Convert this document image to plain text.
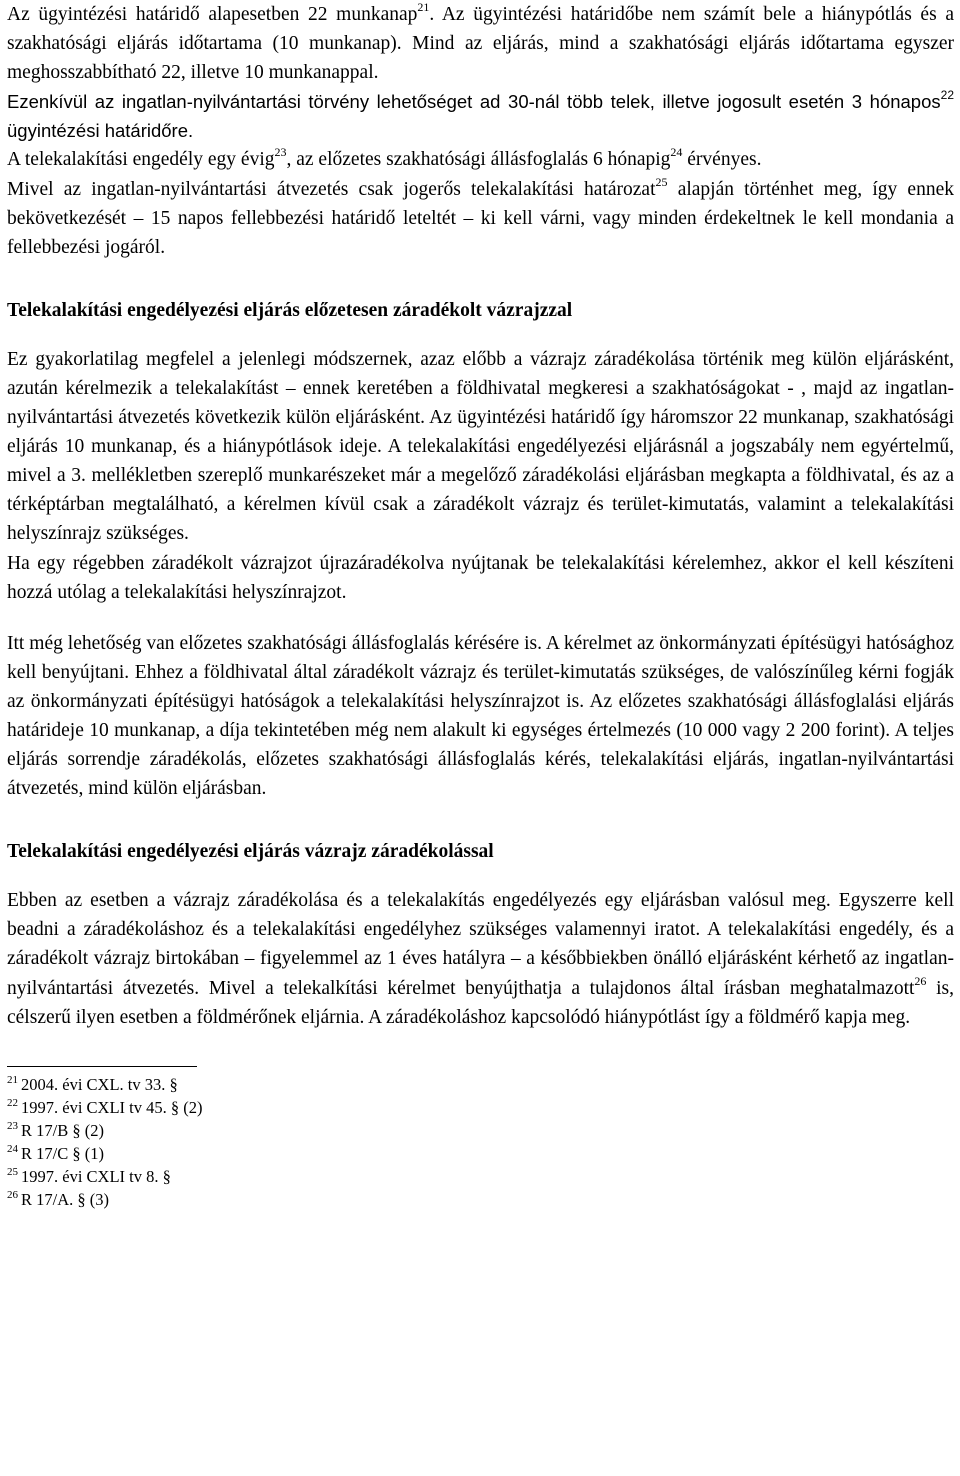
Az ügyintézési határidő alapesetben 22 munkanap$^{21}$. Az ügyintézési határidőbe nem számít bele a hiánypótlás és a szakhatósági eljárás időtartama (10 munkanap). Mind az eljárás, mind a szakhatósági eljárás időtartama egyszer meghosszabbítható 22, illetve 10 munkanappal.

Ezenkívül az ingatlan-nyilvántartási törvény lehetőséget ad 30-nál több telek, illetve jogosult esetén 3 hónapos$^{22}$ ügyintézési határidőre.

A telekalakítási engedély egy évig$^{23}$, az előzetes szakhatósági állásfoglalás 6 hónapig$^{24}$ érvényes.

Mivel az ingatlan-nyilvántartási átvezetés csak jogerős telekalakítási határozat$^{25}$ alapján történhet meg, így ennek bekövetkezését – 15 napos fellebbezési határidő leteltét – ki kell várni, vagy minden érdekeltnek le kell mondania a fellebbezési jogáról.

Telekalakítási engedélyezési eljárás előzetesen záradékolt vázrajzzal

Ez gyakorlatilag megfelel a jelenlegi módszernek, azaz előbb a vázrajz záradékolása történik meg külön eljárásként, azután kérelmezik a telekalakítást – ennek keretében a földhivatal megkeresi a szakhatóságokat - , majd az ingatlan-nyilvántartási átvezetés következik külön eljárásként. Az ügyintézési határidő így háromszor 22 munkanap, szakhatósági eljárás 10 munkanap, és a hiánypótlások ideje. A telekalakítási engedélyezési eljárásnál a jogszabály nem egyértelmű, mivel a 3. mellékletben szereplő munkarészeket már a megelőző záradékolási eljárásban megkapta a földhivatal, és az a térképtárban megtalálható, a kérelmen kívül csak a záradékolt vázrajz és terület-kimutatás, valamint a telekalakítási helyszínrajz szükséges.

Ha egy régebben záradékolt vázrajzot újrazáradékolva nyújtanak be telekalakítási kérelemhez, akkor el kell készíteni hozzá utólag a telekalakítási helyszínrajzot.

Itt még lehetőség van előzetes szakhatósági állásfoglalás kérésére is. A kérelmet az önkormányzati építésügyi hatósághoz kell benyújtani. Ehhez a földhivatal által záradékolt vázrajz és terület-kimutatás szükséges, de valószínűleg kérni fogják az önkormányzati építésügyi hatóságok a telekalakítási helyszínrajzot is. Az előzetes szakhatósági állásfoglalási eljárás határideje 10 munkanap, a díja tekintetében még nem alakult ki egységes értelmezés (10 000 vagy 2 200 forint). A teljes eljárás sorrendje záradékolás, előzetes szakhatósági állásfoglalás kérés, telekalakítási eljárás, ingatlan-nyilvántartási átvezetés, mind külön eljárásban.

Telekalakítási engedélyezési eljárás vázrajz záradékolással

Ebben az esetben a vázrajz záradékolása és a telekalakítás engedélyezés egy eljárásban valósul meg. Egyszerre kell beadni a záradékoláshoz és a telekalakítási engedélyhez szükséges valamennyi iratot. A telekalakítási engedély, és a záradékolt vázrajz birtokában – figyelemmel az 1 éves hatályra – a későbbiekben önálló eljárásként kérhető az ingatlan-nyilvántartási átvezetés. Mivel a telekalkítási kérelmet benyújthatja a tulajdonos által írásban meghatalmazott$^{26}$ is, célszerű ilyen esetben a földmérőnek eljárnia. A záradékoláshoz kapcsolódó hiánypótlást így a földmérő kapja meg.

$^{21}$ 2004. évi CXL. tv 33. §

$^{22}$ 1997. évi CXLI tv 45. § (2)

$^{23}$ R 17/B § (2)

$^{24}$ R 17/C § (1)

$^{25}$ 1997. évi CXLI tv 8. §

$^{26}$ R 17/A. § (3)
